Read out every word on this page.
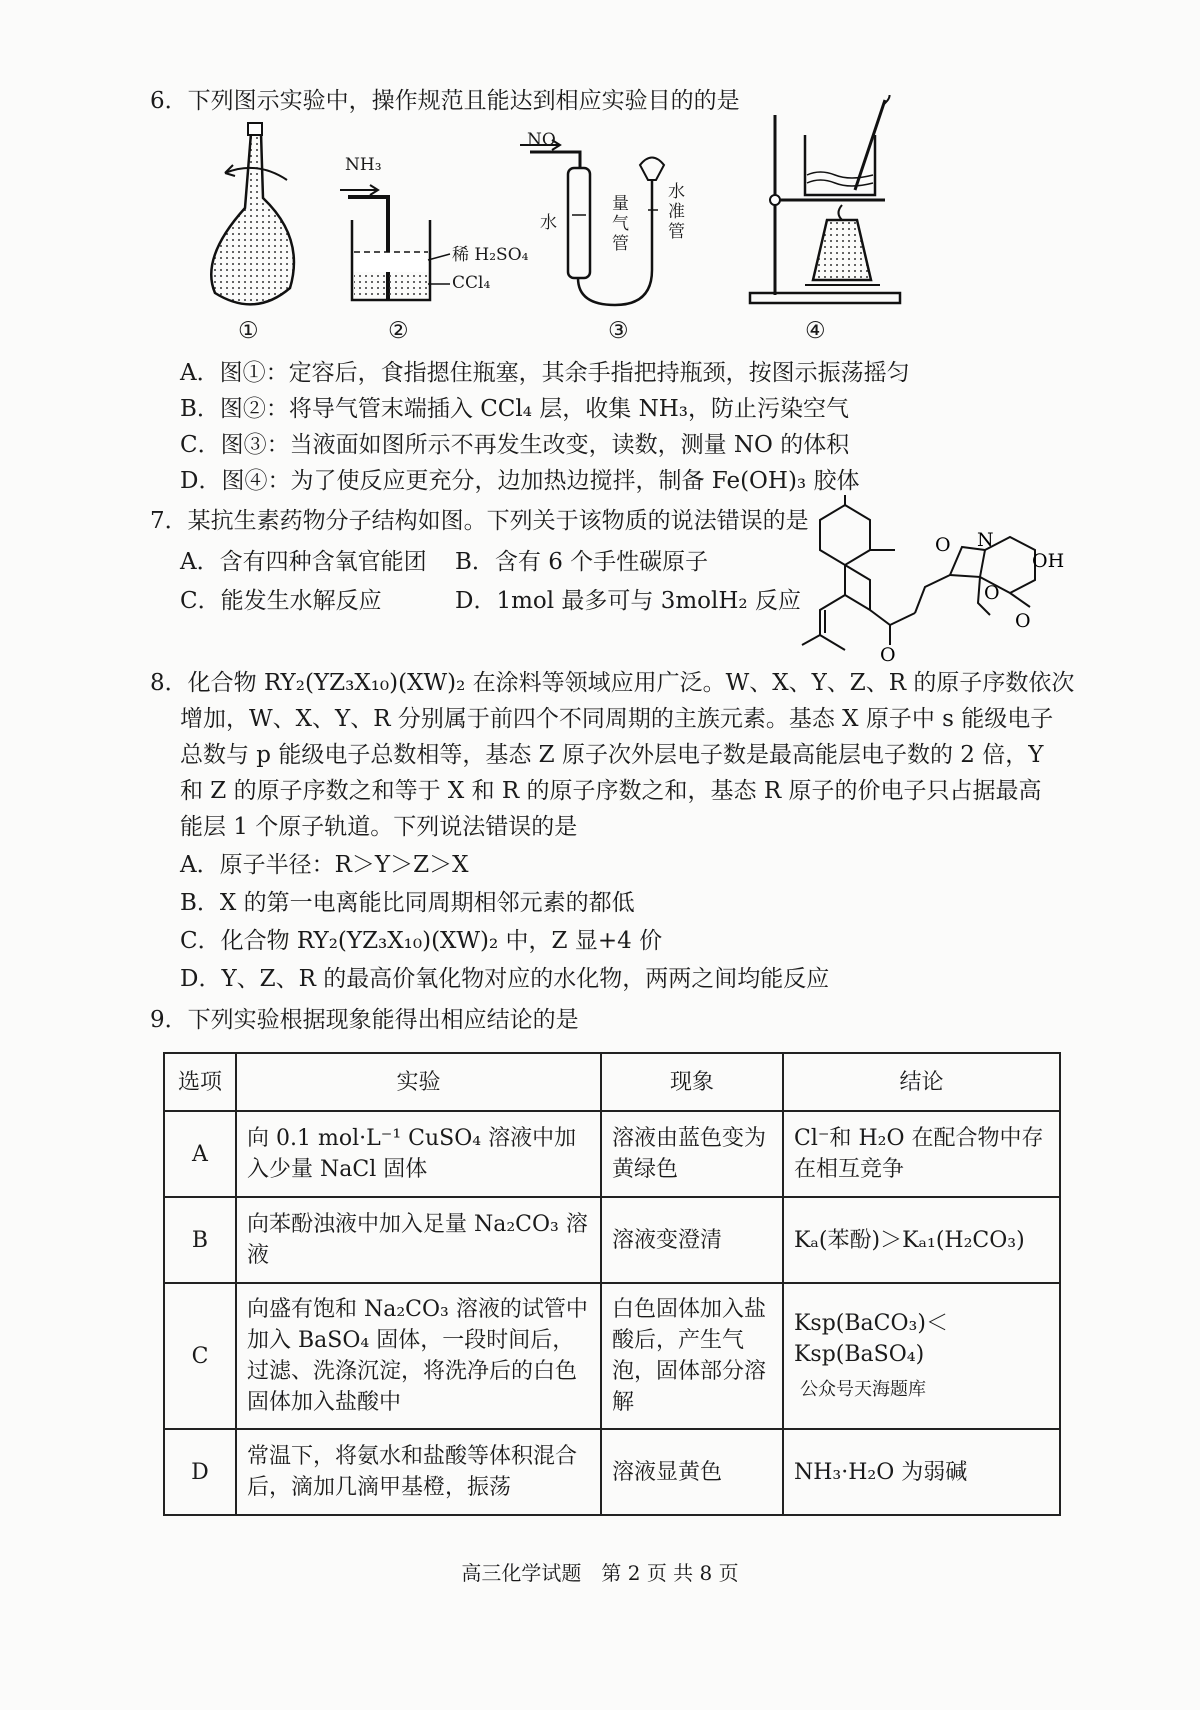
6．下列图示实验中，操作规范且能达到相应实验目的的是
①
NH₃
稀 H₂SO₄
CCl₄
②
NO
水
量气管
水准管
③	④
A．图①：定容后，食指摁住瓶塞，其余手指把持瓶颈，按图示振荡摇匀
B．图②：将导气管末端插入 CCl₄ 层，收集 NH₃，防止污染空气
C．图③：当液面如图所示不再发生改变，读数，测量 NO 的体积
D．图④：为了使反应更充分，边加热边搅拌，制备 Fe(OH)₃ 胶体
7．某抗生素药物分子结构如图。下列关于该物质的说法错误的是
A．含有四种含氧官能团 B．含有 6 个手性碳原子
C．能发生水解反应	D．1mol 最多可与 3molH₂ 反应
O N
O
O
OH
O
8．化合物 RY₂(YZ₃X₁₀)(XW)₂ 在涂料等领域应用广泛。W、X、Y、Z、R 的原子序数依次
增加，W、X、Y、R 分别属于前四个不同周期的主族元素。基态 X 原子中 s 能级电子
总数与 p 能级电子总数相等，基态 Z 原子次外层电子数是最高能层电子数的 2 倍，Y
和 Z 的原子序数之和等于 X 和 R 的原子序数之和，基态 R 原子的价电子只占据最高
能层 1 个原子轨道。下列说法错误的是
A．原子半径：R＞Y＞Z＞X
B．X 的第一电离能比同周期相邻元素的都低
C．化合物 RY₂(YZ₃X₁₀)(XW)₂ 中，Z 显+4 价
D．Y、Z、R 的最高价氧化物对应的水化物，两两之间均能反应
9．下列实验根据现象能得出相应结论的是
选项	实验	现象	结论
A	向 0.1 mol·L⁻¹ CuSO₄ 溶液中加入少量 NaCl 固体	溶液由蓝色变为黄绿色	Cl⁻和 H₂O 在配合物中存在相互竞争
B	向苯酚浊液中加入足量 Na₂CO₃ 溶液	溶液变澄清	Kₐ(苯酚)＞Kₐ₁(H₂CO₃)
C	向盛有饱和 Na₂CO₃ 溶液的试管中加入 BaSO₄ 固体，一段时间后，过滤、洗涤沉淀，将洗净后的白色固体加入盐酸中	白色固体加入盐酸后，产生气泡，固体部分溶解	Ksp(BaCO₃)＜Ksp(BaSO₄)
公众号天海题库

D	常温下，将氨水和盐酸等体积混合后，滴加几滴甲基橙，振荡	溶液显黄色	NH₃·H₂O 为弱碱
高三化学试题　第 2 页 共 8 页
